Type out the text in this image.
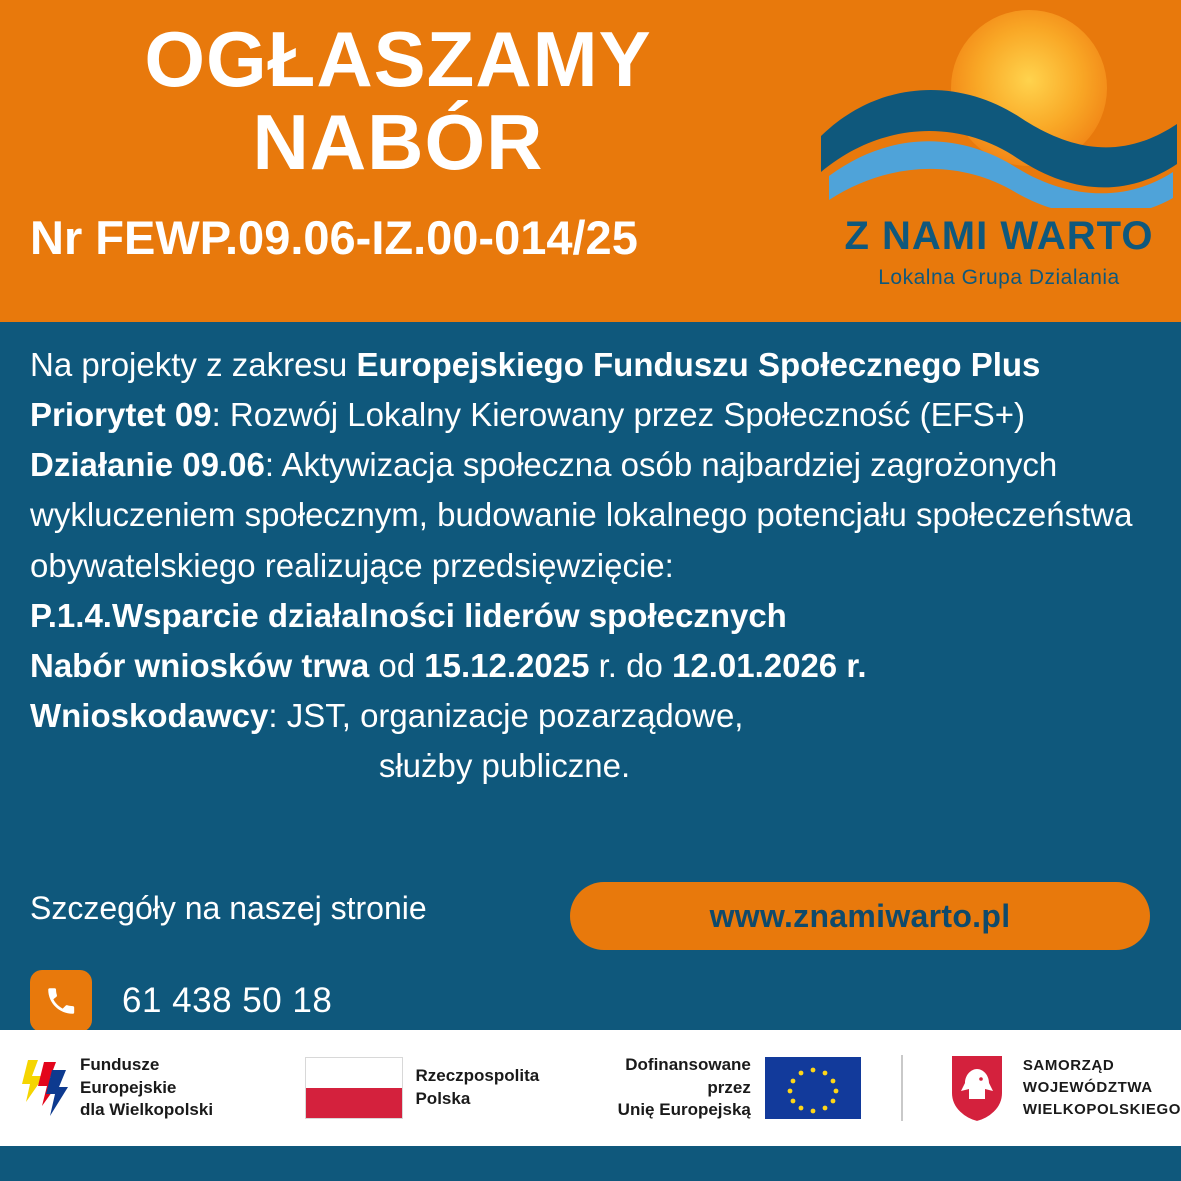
OGŁASZAMY
NABÓR
Nr FEWP.09.06-IZ.00-014/25	Z NAMI WARTO
Lokalna Grupa Dzialania

Na projekty z zakresu Europejskiego Funduszu Społecznego Plus Priorytet 09: Rozwój Lokalny Kierowany przez Społeczność (EFS+) Działanie 09.06: Aktywizacja społeczna osób najbardziej zagrożonych wykluczeniem społecznym, budowanie lokalnego potencjału społeczeństwa obywatelskiego realizujące przedsięwzięcie:

P.1.4.Wsparcie działalności liderów społecznych

Nabór wniosków trwa od 15.12.2025 r. do 12.01.2026 r.

Wnioskodawcy: JST, organizacje pozarządowe,

służby publiczne.

Szczegóły na naszej stronie	www.znamiwarto.pl
61 438 50 18
Fundusze Europejskie
dla Wielkopolski
Rzeczpospolita
Polska
Dofinansowane przez
Unię Europejską
SAMORZĄD
WOJEWÓDZTWA
WIELKOPOLSKIEGO
